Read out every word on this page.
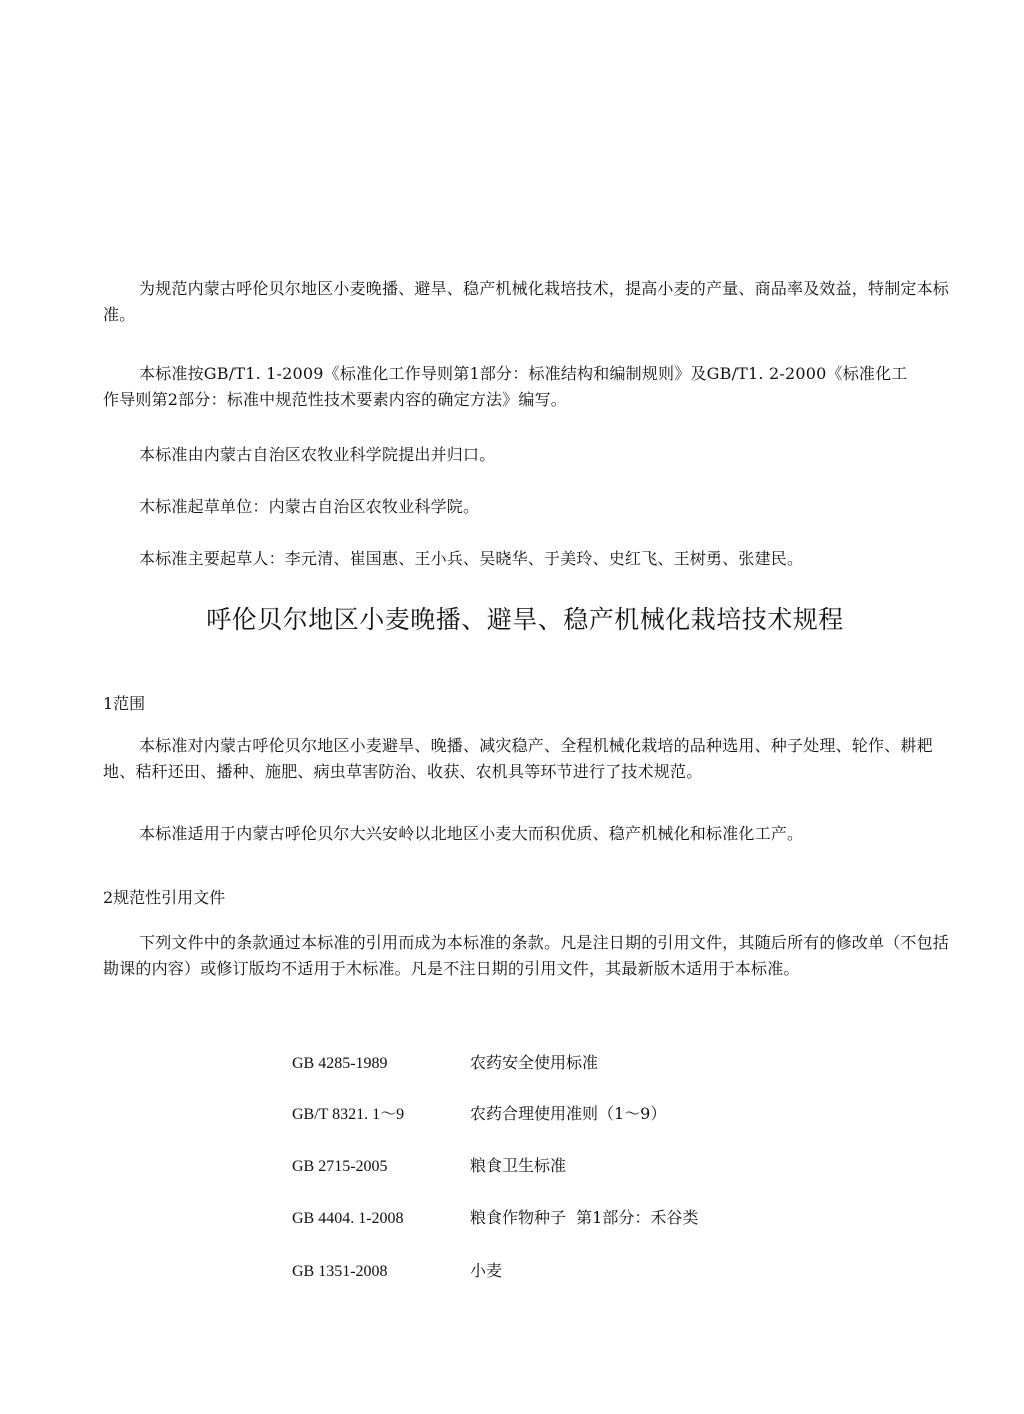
为规范内蒙古呼伦贝尔地区小麦晚播、避旱、稳产机械化栽培技术，提高小麦的产量、商品率及效益，特制定本标准。

本标准按GB/T1. 1-2009《标准化工作导则第1部分：标准结构和编制规则》及GB/T1. 2-2000《标准化工作导则第2部分：标准中规范性技术要素内容的确定方法》编写。

本标准由内蒙古自治区农牧业科学院提出并归口。

木标准起草单位：内蒙古自治区农牧业科学院。

本标准主要起草人：李元清、崔国惠、王小兵、吴晓华、于美玲、史红飞、王树勇、张建民。

呼伦贝尔地区小麦晚播、避旱、稳产机械化栽培技术规程
1范围

本标准对内蒙古呼伦贝尔地区小麦避旱、晚播、减灾稳产、全程机械化栽培的品种选用、种子处理、轮作、耕耙地、秸秆还田、播种、施肥、病虫草害防治、收获、农机具等环节进行了技术规范。

本标准适用于内蒙古呼伦贝尔大兴安岭以北地区小麦大而积优质、稳产机械化和标准化工产。

2规范性引用文件

下列文件中的条款通过本标准的引用而成为本标准的条款。凡是注日期的引用文件，其随后所有的修改单（不包括勘课的内容）或修订版均不适用于木标准。凡是不注日期的引用文件，其最新版木适用于本标准。

GB 4285-1989	农药安全使用标准
GB/T 8321. 1～9	农药合理使用准则（1～9）
GB 2715-2005	粮食卫生标准
GB 4404. 1-2008	粮食作物种子  第1部分：禾谷类
GB 1351-2008	小麦
